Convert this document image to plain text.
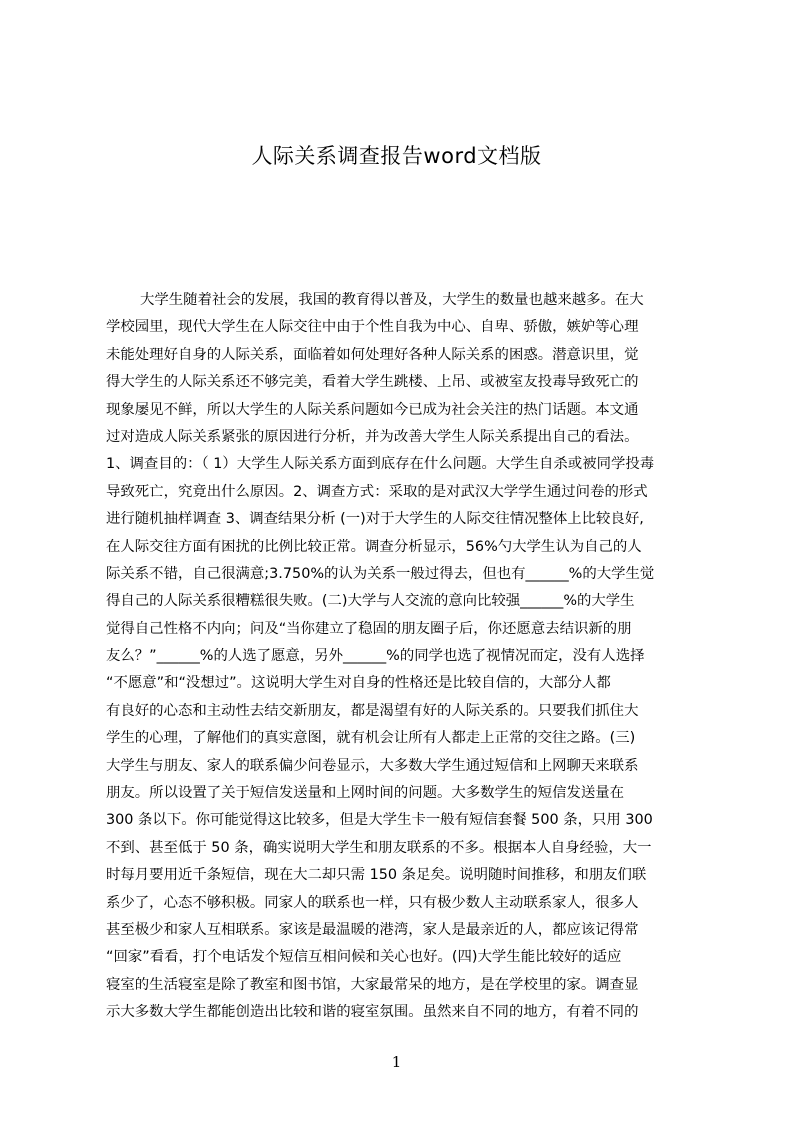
人际关系调查报告word文档版
大学生随着社会的发展，我国的教育得以普及，大学生的数量也越来越多。在大
学校园里，现代大学生在人际交往中由于个性自我为中心、自卑、骄傲，嫉妒等心理
未能处理好自身的人际关系，面临着如何处理好各种人际关系的困惑。潜意识里，觉
得大学生的人际关系还不够完美，看着大学生跳楼、上吊、或被室友投毒导致死亡的
现象屡见不鲜，所以大学生的人际关系问题如今已成为社会关注的热门话题。本文通
过对造成人际关系紧张的原因进行分析，并为改善大学生人际关系提出自己的看法。
1、调查目的：（ 1）大学生人际关系方面到底存在什么问题。大学生自杀或被同学投毒
导致死亡，究竟出什么原因。2、调查方式：采取的是对武汉大学学生通过问卷的形式
进行随机抽样调查 3、调查结果分析 (一)对于大学生的人际交往情况整体上比较良好,
在人际交往方面有困扰的比例比较正常。调查分析显示，56%勺大学生认为自己的人
际关系不错，自己很满意;3.750%的认为关系一般过得去，但也有______%的大学生觉
得自己的人际关系很糟糕很失败。(二)大学与人交流的意向比较强______%的大学生
觉得自己性格不内向；问及“当你建立了稳固的朋友圈子后，你还愿意去结识新的朋
友么？”______%的人选了愿意，另外______%的同学也选了视情况而定，没有人选择
“不愿意”和“没想过”。这说明大学生对自身的性格还是比较自信的，大部分人都
有良好的心态和主动性去结交新朋友，都是渴望有好的人际关系的。只要我们抓住大
学生的心理，了解他们的真实意图，就有机会让所有人都走上正常的交往之路。(三)
大学生与朋友、家人的联系偏少问卷显示，大多数大学生通过短信和上网聊天来联系
朋友。所以设置了关于短信发送量和上网时间的问题。大多数学生的短信发送量在
300 条以下。你可能觉得这比较多，但是大学生卡一般有短信套餐 500 条，只用 300
不到、甚至低于 50 条，确实说明大学生和朋友联系的不多。根据本人自身经验，大一
时每月要用近千条短信，现在大二却只需 150 条足矣。说明随时间推移，和朋友们联
系少了，心态不够积极。同家人的联系也一样，只有极少数人主动联系家人，很多人
甚至极少和家人互相联系。家该是最温暖的港湾，家人是最亲近的人，都应该记得常
“回家”看看，打个电话发个短信互相问候和关心也好。(四)大学生能比较好的适应
寝室的生活寝室是除了教室和图书馆，大家最常呆的地方，是在学校里的家。调查显
示大多数大学生都能创造出比较和谐的寝室氛围。虽然来自不同的地方，有着不同的
1
